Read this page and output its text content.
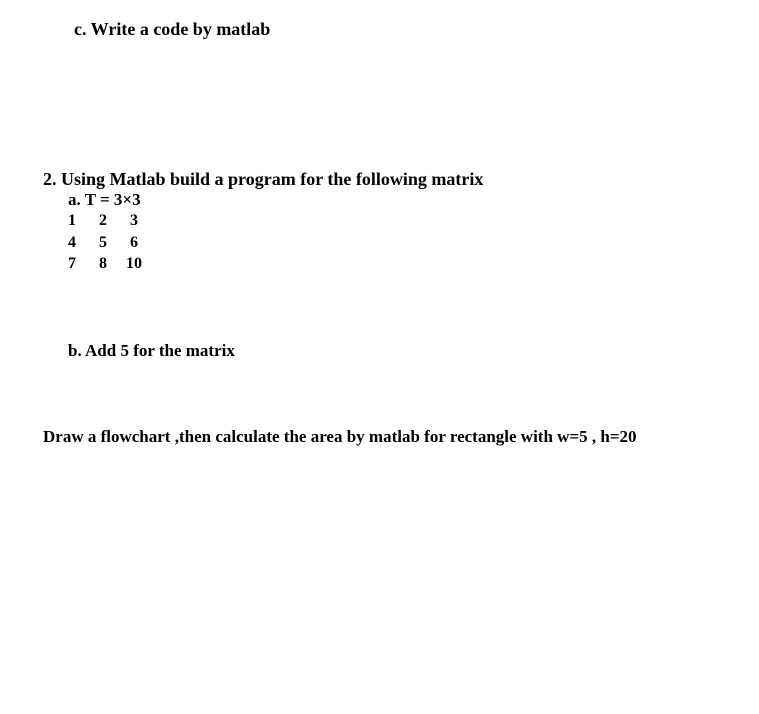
c. Write a code by matlab
2. Using Matlab build a program for the following matrix
a. T = 3×3
1 2 3
4 5 6
7 8 10
b. Add 5 for the matrix
Draw a flowchart ,then calculate the area by matlab for rectangle with w=5 , h=20
